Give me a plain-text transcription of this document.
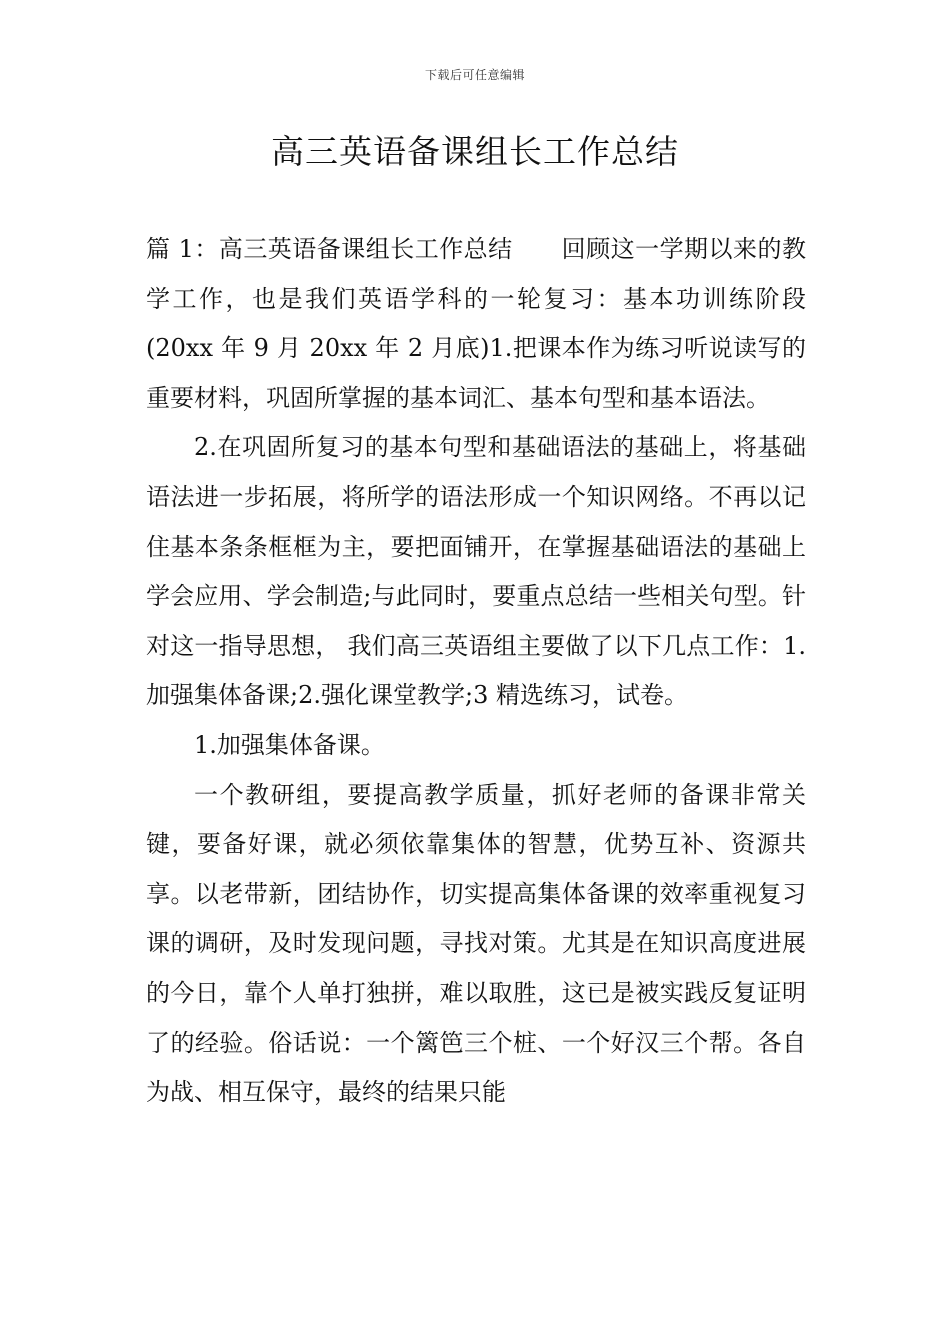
下载后可任意编辑
高三英语备课组长工作总结

篇 1：高三英语备课组长工作总结　　回顾这一学期以来的教学工作，也是我们英语学科的一轮复习：基本功训练阶段(20xx 年 9 月 20xx 年 2 月底)1.把课本作为练习听说读写的重要材料，巩固所掌握的基本词汇、基本句型和基本语法。

2.在巩固所复习的基本句型和基础语法的基础上，将基础语法进一步拓展，将所学的语法形成一个知识网络。不再以记住基本条条框框为主，要把面铺开，在掌握基础语法的基础上学会应用、学会制造;与此同时，要重点总结一些相关句型。针对这一指导思想， 我们高三英语组主要做了以下几点工作：1.加强集体备课;2.强化课堂教学;3 精选练习，试卷。

1.加强集体备课。

一个教研组，要提高教学质量，抓好老师的备课非常关键，要备好课，就必须依靠集体的智慧，优势互补、资源共享。以老带新，团结协作，切实提高集体备课的效率重视复习课的调研，及时发现问题，寻找对策。尤其是在知识高度进展的今日，靠个人单打独拼，难以取胜，这已是被实践反复证明了的经验。俗话说：一个篱笆三个桩、一个好汉三个帮。各自为战、相互保守，最终的结果只能
